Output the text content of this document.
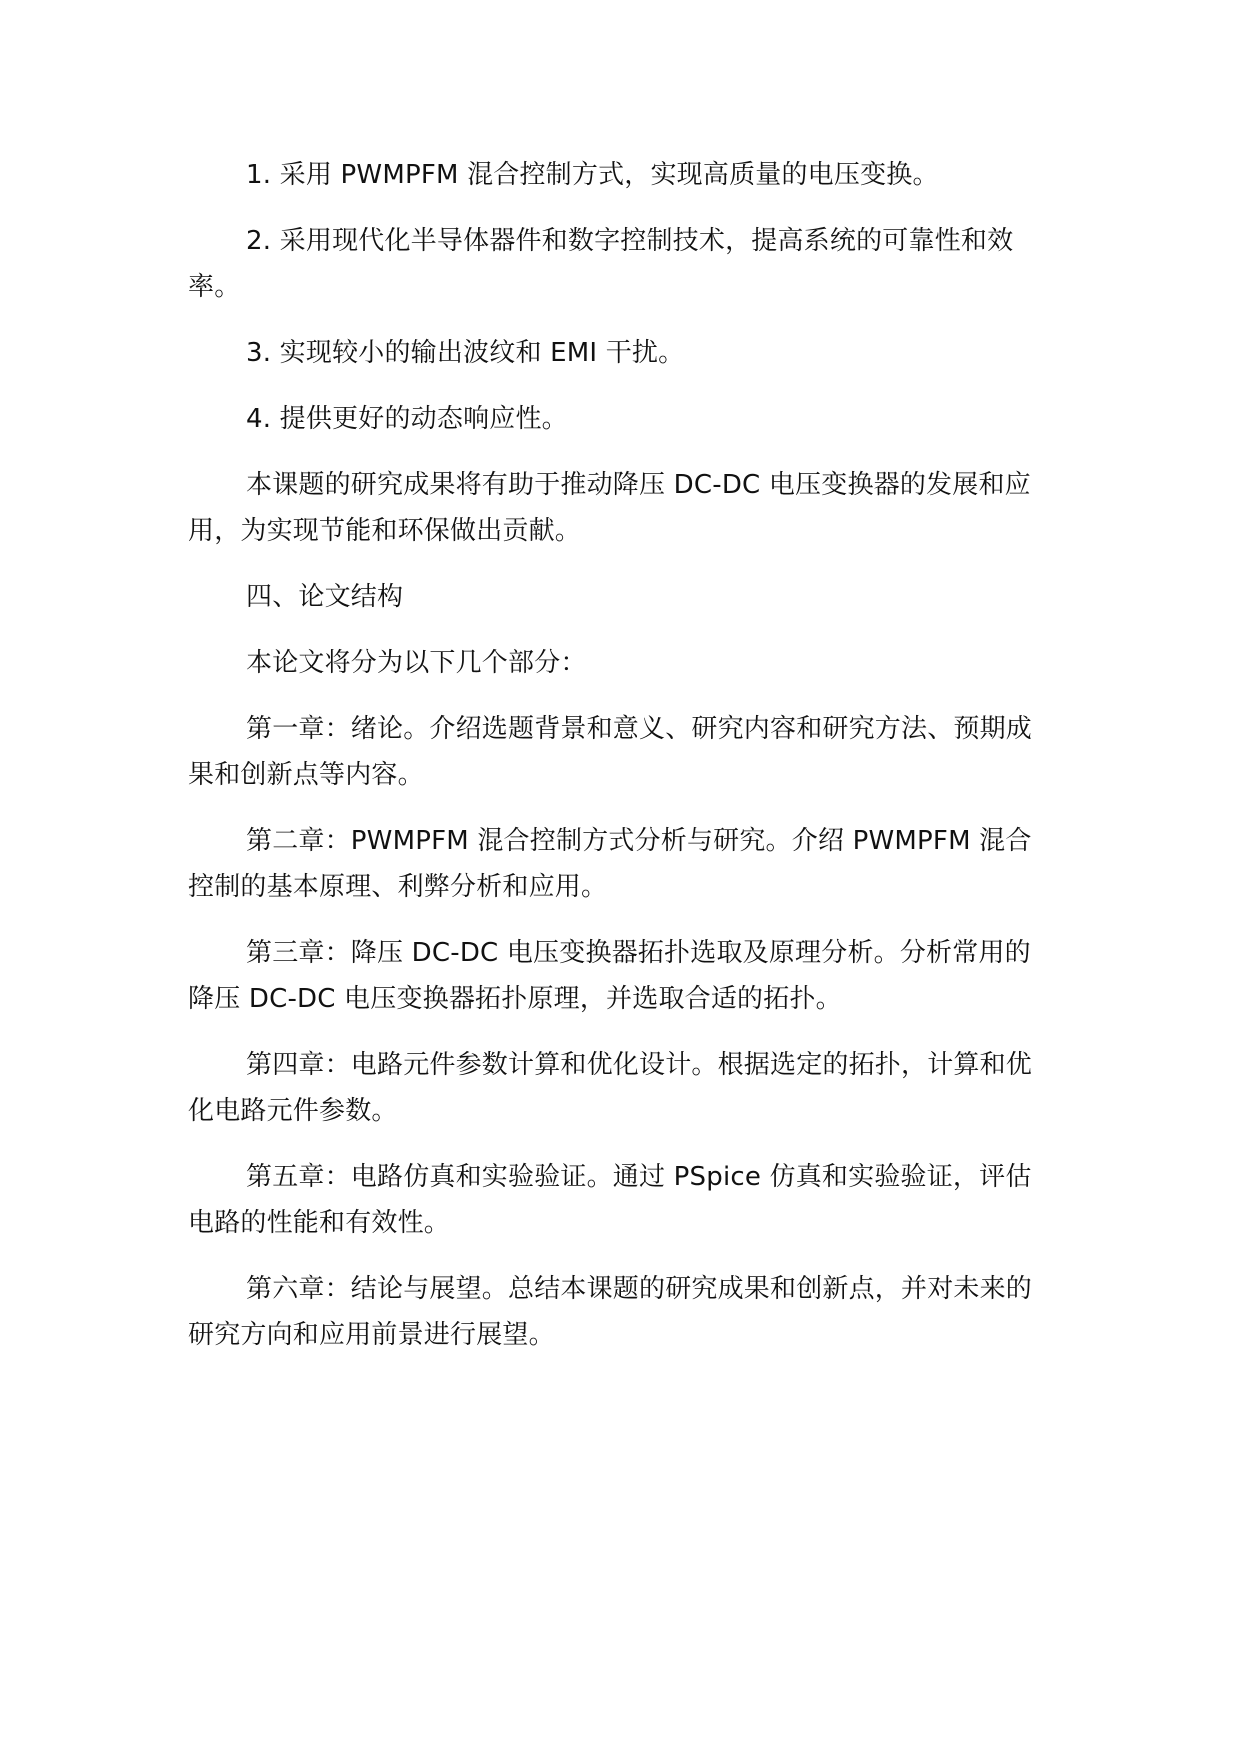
1. 采用 PWMPFM 混合控制方式，实现高质量的电压变换。

2. 采用现代化半导体器件和数字控制技术，提高系统的可靠性和效率。

3. 实现较小的输出波纹和 EMI 干扰。

4. 提供更好的动态响应性。

本课题的研究成果将有助于推动降压 DC-DC 电压变换器的发展和应用，为实现节能和环保做出贡献。

四、论文结构

本论文将分为以下几个部分：

第一章：绪论。介绍选题背景和意义、研究内容和研究方法、预期成果和创新点等内容。

第二章：PWMPFM 混合控制方式分析与研究。介绍 PWMPFM 混合控制的基本原理、利弊分析和应用。

第三章：降压 DC-DC 电压变换器拓扑选取及原理分析。分析常用的降压 DC-DC 电压变换器拓扑原理，并选取合适的拓扑。

第四章：电路元件参数计算和优化设计。根据选定的拓扑，计算和优化电路元件参数。

第五章：电路仿真和实验验证。通过 PSpice 仿真和实验验证，评估电路的性能和有效性。

第六章：结论与展望。总结本课题的研究成果和创新点，并对未来的研究方向和应用前景进行展望。
